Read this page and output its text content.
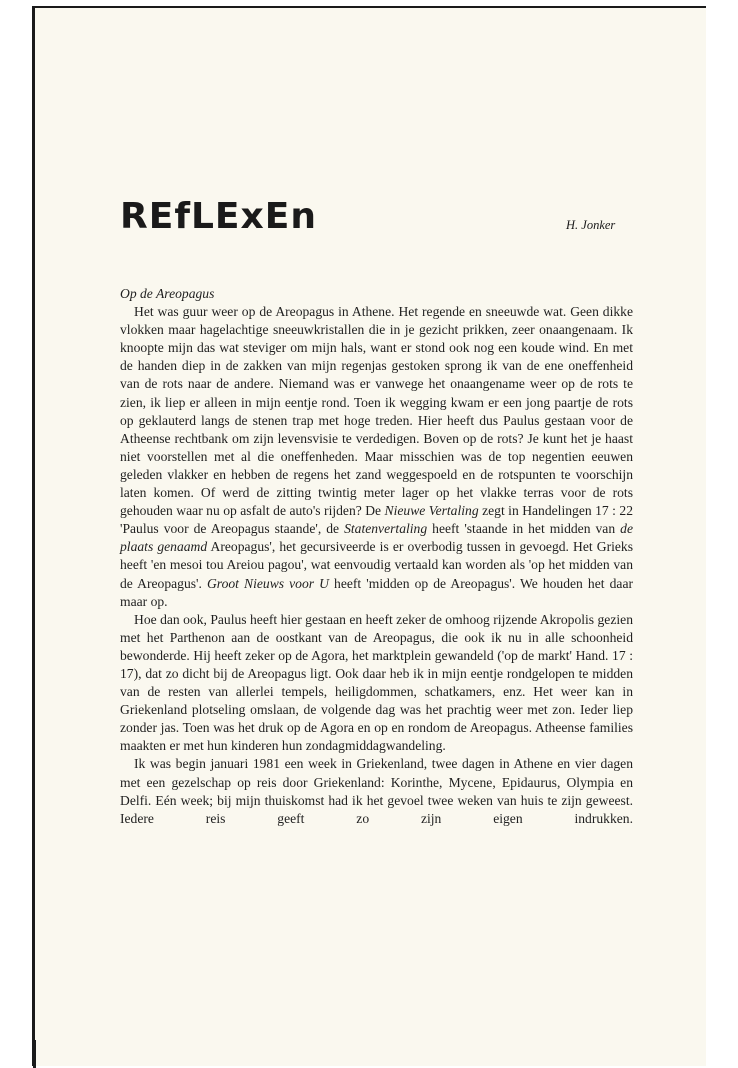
REfLExEn	H. Jonker

Op de Areopagus

Het was guur weer op de Areopagus in Athene. Het regende en sneeuwde wat. Geen dikke vlokken maar hagelachtige sneeuwkristallen die in je gezicht prikken, zeer onaangenaam. Ik knoopte mijn das wat steviger om mijn hals, want er stond ook nog een koude wind. En met de handen diep in de zakken van mijn regenjas gestoken sprong ik van de ene oneffenheid van de rots naar de andere. Niemand was er vanwege het onaangename weer op de rots te zien, ik liep er alleen in mijn eentje rond. Toen ik wegging kwam er een jong paartje de rots op geklauterd langs de stenen trap met hoge treden. Hier heeft dus Paulus gestaan voor de Atheense rechtbank om zijn levensvisie te verdedigen. Boven op de rots? Je kunt het je haast niet voorstellen met al die oneffenheden. Maar misschien was de top negentien eeuwen geleden vlakker en hebben de regens het zand weggespoeld en de rotspunten te voorschijn laten komen. Of werd de zitting twintig meter lager op het vlakke terras voor de rots gehouden waar nu op asfalt de auto's rijden? De Nieuwe Vertaling zegt in Handelingen 17 : 22 'Paulus voor de Areopagus staande', de Statenvertaling heeft 'staande in het midden van de plaats genaamd Areopagus', het gecursiveerde is er overbodig tussen in gevoegd. Het Grieks heeft 'en mesoi tou Areiou pagou', wat eenvoudig vertaald kan worden als 'op het midden van de Areopagus'. Groot Nieuws voor U heeft 'midden op de Areopagus'. We houden het daar maar op.

Hoe dan ook, Paulus heeft hier gestaan en heeft zeker de omhoog rijzende Akropolis gezien met het Parthenon aan de oostkant van de Areopagus, die ook ik nu in alle schoonheid bewonderde. Hij heeft zeker op de Agora, het marktplein gewandeld ('op de markt' Hand. 17 : 17), dat zo dicht bij de Areopagus ligt. Ook daar heb ik in mijn eentje rondgelopen te midden van de resten van allerlei tempels, heiligdommen, schatkamers, enz. Het weer kan in Griekenland plotseling omslaan, de volgende dag was het prachtig weer met zon. Ieder liep zonder jas. Toen was het druk op de Agora en op en rondom de Areopagus. Atheense families maakten er met hun kinderen hun zondagmiddagwandeling.

Ik was begin januari 1981 een week in Griekenland, twee dagen in Athene en vier dagen met een gezelschap op reis door Griekenland: Korinthe, Mycene, Epidaurus, Olympia en Delfi. Eén week; bij mijn thuiskomst had ik het gevoel twee weken van huis te zijn geweest. Iedere reis geeft zo zijn eigen indrukken.
